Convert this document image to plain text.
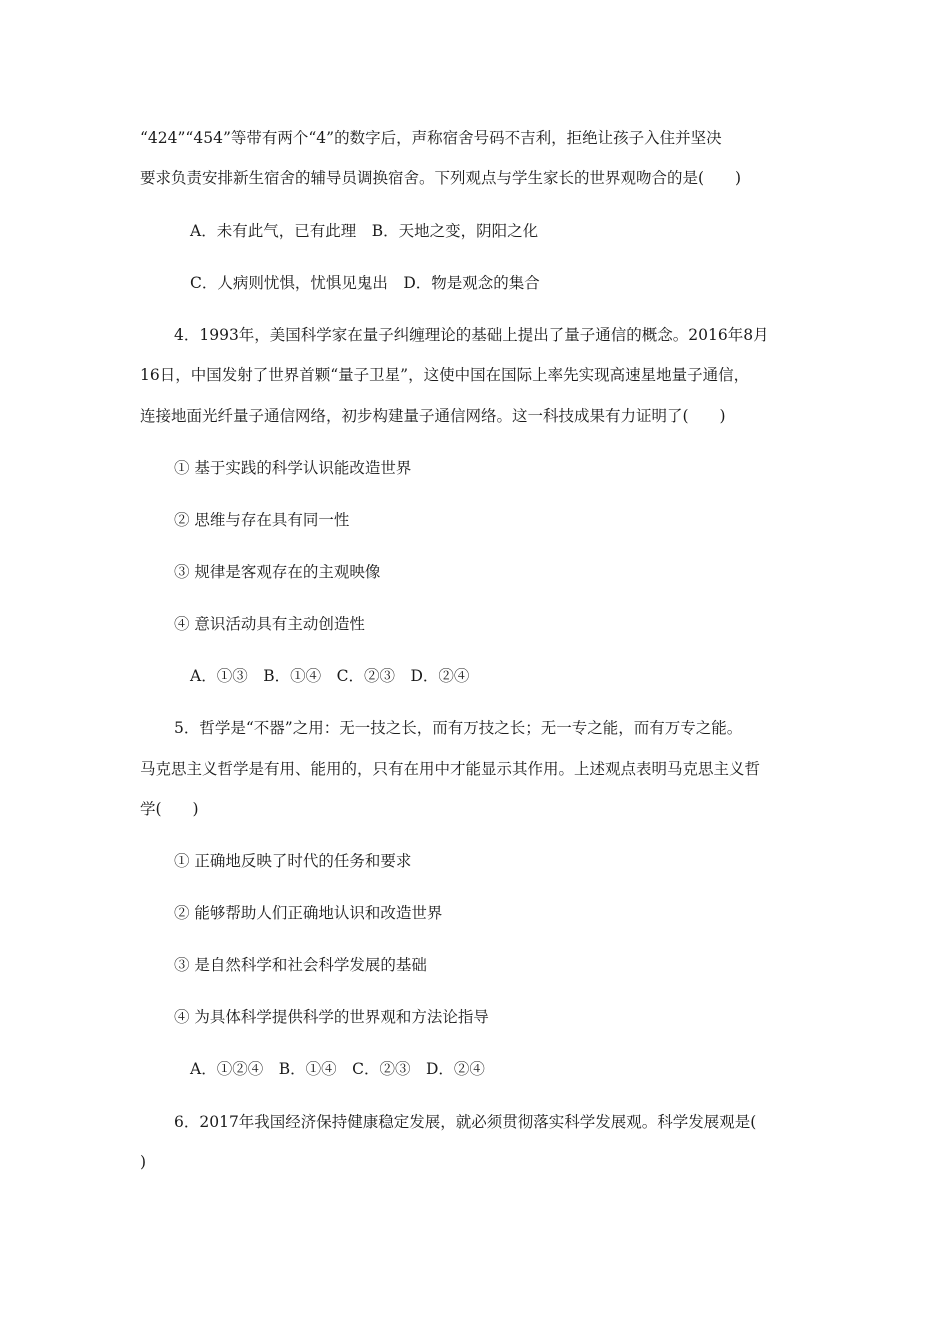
“424”“454”等带有两个“4”的数字后，声称宿舍号码不吉利，拒绝让孩子入住并坚决
要求负责安排新生宿舍的辅导员调换宿舍。下列观点与学生家长的世界观吻合的是(　　)
A．未有此气，已有此理　B．天地之变，阴阳之化
C．人病则忧惧，忧惧见鬼出　D．物是观念的集合
4．1993年，美国科学家在量子纠缠理论的基础上提出了量子通信的概念。2016年8月
16日，中国发射了世界首颗“量子卫星”，这使中国在国际上率先实现高速星地量子通信，
连接地面光纤量子通信网络，初步构建量子通信网络。这一科技成果有力证明了(　　)
① 基于实践的科学认识能改造世界
② 思维与存在具有同一性
③ 规律是客观存在的主观映像
④ 意识活动具有主动创造性
A．①③　B．①④　C．②③　D．②④
5．哲学是“不器”之用：无一技之长，而有万技之长；无一专之能，而有万专之能。
马克思主义哲学是有用、能用的，只有在用中才能显示其作用。上述观点表明马克思主义哲
学(　　)
① 正确地反映了时代的任务和要求
② 能够帮助人们正确地认识和改造世界
③ 是自然科学和社会科学发展的基础
④ 为具体科学提供科学的世界观和方法论指导
A．①②④　B．①④　C．②③　D．②④
6．2017年我国经济保持健康稳定发展，就必须贯彻落实科学发展观。科学发展观是(
)
